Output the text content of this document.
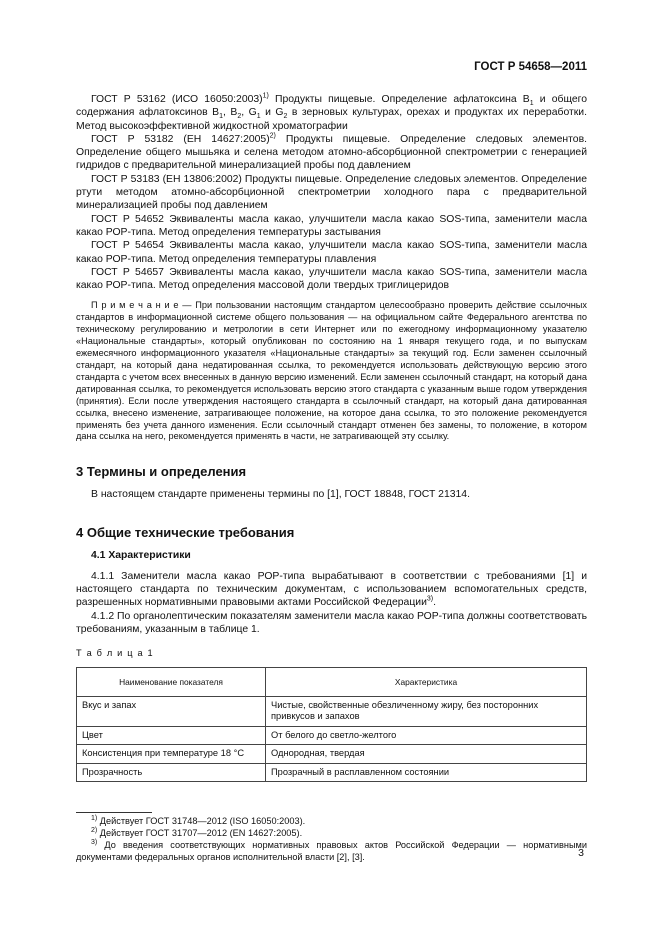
ГОСТ Р 54658—2011

ГОСТ Р 53162 (ИСО 16050:2003)$^{1)}$ Продукты пищевые. Определение афлатоксина $B_1$ и общего содержания афлатоксинов $B_1$, $B_2$, $G_1$ и $G_2$ в зерновых культурах, орехах и продуктах их переработки. Метод высокоэффективной жидкостной хроматографии

ГОСТ Р 53182 (ЕН 14627:2005)$^{2)}$ Продукты пищевые. Определение следовых элементов. Определение общего мышьяка и селена методом атомно-абсорбционной спектрометрии с генерацией гидридов с предварительной минерализацией пробы под давлением

ГОСТ Р 53183 (ЕН 13806:2002) Продукты пищевые. Определение следовых элементов. Определение ртути методом атомно-абсорбционной спектрометрии холодного пара с предварительной минерализацией пробы под давлением

ГОСТ Р 54652 Эквиваленты масла какао, улучшители масла какао SOS-типа, заменители масла какао РОР-типа. Метод определения температуры застывания

ГОСТ Р 54654 Эквиваленты масла какао, улучшители масла какао SOS-типа, заменители масла какао РОР-типа. Метод определения температуры плавления

ГОСТ Р 54657 Эквиваленты масла какао, улучшители масла какао SOS-типа, заменители масла какао РОР-типа. Метод определения массовой доли твердых триглицеридов

П р и м е ч а н и е — При пользовании настоящим стандартом целесообразно проверить действие ссылочных стандартов в информационной системе общего пользования — на официальном сайте Федерального агентства по техническому регулированию и метрологии в сети Интернет или по ежегодному информационному указателю «Национальные стандарты», который опубликован по состоянию на 1 января текущего года, и по выпускам ежемесячного информационного указателя «Национальные стандарты» за текущий год. Если заменен ссылочный стандарт, на который дана недатированная ссылка, то рекомендуется использовать действующую версию этого стандарта с учетом всех внесенных в данную версию изменений. Если заменен ссылочный стандарт, на который дана датированная ссылка, то рекомендуется использовать версию этого стандарта с указанным выше годом утверждения (принятия). Если после утверждения настоящего стандарта в ссылочный стандарт, на который дана датированная ссылка, внесено изменение, затрагивающее положение, на которое дана ссылка, то это положение рекомендуется применять без учета данного изменения. Если ссылочный стандарт отменен без замены, то положение, в котором дана ссылка на него, рекомендуется применять в части, не затрагивающей эту ссылку.

3 Термины и определения

В настоящем стандарте применены термины по [1], ГОСТ 18848, ГОСТ 21314.

4 Общие технические требования
4.1 Характеристики

4.1.1 Заменители масла какао РОР-типа вырабатывают в соответствии с требованиями [1] и настоящего стандарта по техническим документам, с использованием вспомогательных средств, разрешенных нормативными правовыми актами Российской Федерации$^{3)}$.

4.1.2 По органолептическим показателям заменители масла какао РОР-типа должны соответствовать требованиям, указанным в таблице 1.

Т а б л и ц а 1
Наименование показателя	Характеристика
Вкус и запах	Чистые, свойственные обезличенному жиру, без посторонних привкусов и запахов
Цвет	От белого до светло-желтого
Консистенция при температуре 18 °С	Однородная, твердая
Прозрачность	Прозрачный в расплавленном состоянии
$^{1)}$ Действует ГОСТ 31748—2012 (ISO 16050:2003).
$^{2)}$ Действует ГОСТ 31707—2012 (EN 14627:2005).
$^{3)}$ До введения соответствующих нормативных правовых актов Российской Федерации — нормативными документами федеральных органов исполнительной власти [2], [3].	3
